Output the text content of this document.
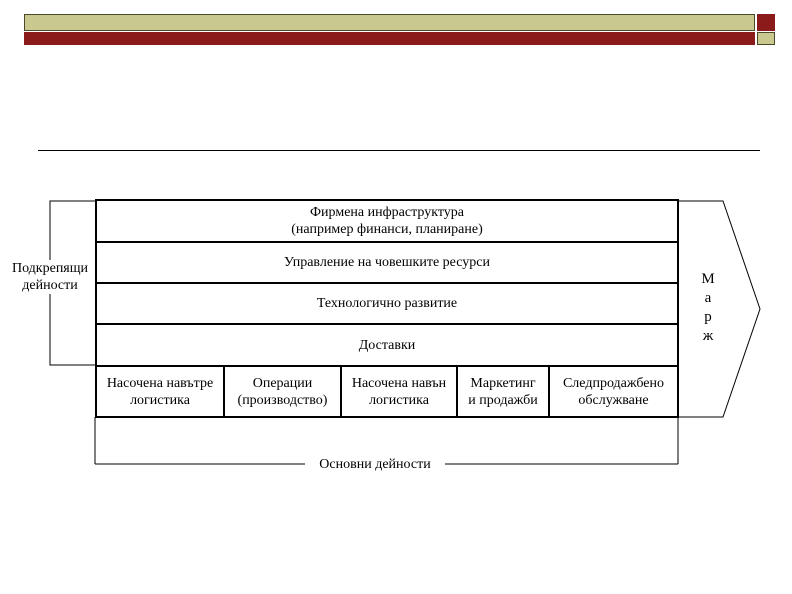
Подкрепящи
дейности
Фирмена инфраструктура
(например финанси, планиране)
Управление на човешките ресурси
Технологично развитие
Доставки
Насочена навътре
логистика
Операции
(производство)
Насочена навън
логистика
Маркетинг
и продажби
Следпродажбено
обслужване
М
а
р
ж
Основни дейности
